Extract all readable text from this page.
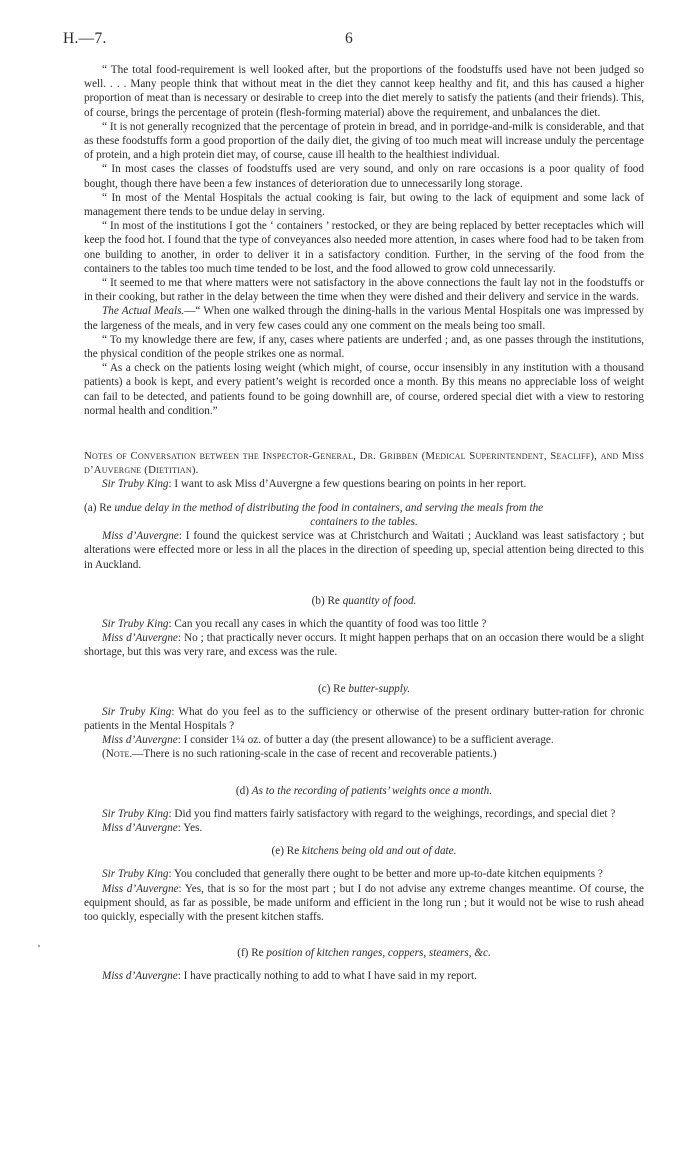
H.—7.	6

“ The total food-requirement is well looked after, but the proportions of the foodstuffs used have not been judged so well. . . . Many people think that without meat in the diet they cannot keep healthy and fit, and this has caused a higher proportion of meat than is necessary or desirable to creep into the diet merely to satisfy the patients (and their friends). This, of course, brings the percentage of protein (flesh-forming material) above the requirement, and unbalances the diet.

“ It is not generally recognized that the percentage of protein in bread, and in porridge-and-milk is considerable, and that as these foodstuffs form a good proportion of the daily diet, the giving of too much meat will increase unduly the percentage of protein, and a high protein diet may, of course, cause ill health to the healthiest individual.

“ In most cases the classes of foodstuffs used are very sound, and only on rare occasions is a poor quality of food bought, though there have been a few instances of deterioration due to unnecessarily long storage.

“ In most of the Mental Hospitals the actual cooking is fair, but owing to the lack of equipment and some lack of management there tends to be undue delay in serving.

“ In most of the institutions I got the ‘ containers ’ restocked, or they are being replaced by better receptacles which will keep the food hot. I found that the type of conveyances also needed more attention, in cases where food had to be taken from one building to another, in order to deliver it in a satisfactory condition. Further, in the serving of the food from the containers to the tables too much time tended to be lost, and the food allowed to grow cold unnecessarily.

“ It seemed to me that where matters were not satisfactory in the above connections the fault lay not in the foodstuffs or in their cooking, but rather in the delay between the time when they were dished and their delivery and service in the wards.

The Actual Meals.—“ When one walked through the dining-halls in the various Mental Hospitals one was impressed by the largeness of the meals, and in very few cases could any one comment on the meals being too small.

“ To my knowledge there are few, if any, cases where patients are underfed ; and, as one passes through the institutions, the physical condition of the people strikes one as normal.

“ As a check on the patients losing weight (which might, of course, occur insensibly in any institution with a thousand patients) a book is kept, and every patient’s weight is recorded once a month. By this means no appreciable loss of weight can fail to be detected, and patients found to be going downhill are, of course, ordered special diet with a view to restoring normal health and condition.”

Notes of Conversation between the Inspector-General, Dr. Gribben (Medical Superintendent, Seacliff), and Miss d’Auvergne (Dietitian).

Sir Truby King: I want to ask Miss d’Auvergne a few questions bearing on points in her report.

(a) Re undue delay in the method of distributing the food in containers, and serving the meals from the
containers to the tables.

Miss d’Auvergne: I found the quickest service was at Christchurch and Waitati ; Auckland was least satisfactory ; but alterations were effected more or less in all the places in the direction of speeding up, special attention being directed to this in Auckland.

(b) Re quantity of food.

Sir Truby King: Can you recall any cases in which the quantity of food was too little ?

Miss d’Auvergne: No ; that practically never occurs. It might happen perhaps that on an occasion there would be a slight shortage, but this was very rare, and excess was the rule.

(c) Re butter-supply.

Sir Truby King: What do you feel as to the sufficiency or otherwise of the present ordinary butter-ration for chronic patients in the Mental Hospitals ?

Miss d’Auvergne: I consider 1¼ oz. of butter a day (the present allowance) to be a sufficient average.

(Note.—There is no such rationing-scale in the case of recent and recoverable patients.)

(d) As to the recording of patients’ weights once a month.

Sir Truby King: Did you find matters fairly satisfactory with regard to the weighings, recordings, and special diet ?

Miss d’Auvergne: Yes.

(e) Re kitchens being old and out of date.

Sir Truby King: You concluded that generally there ought to be better and more up-to-date kitchen equipments ?

Miss d’Auvergne: Yes, that is so for the most part ; but I do not advise any extreme changes meantime. Of course, the equipment should, as far as possible, be made uniform and efficient in the long run ; but it would not be wise to rush ahead too quickly, especially with the present kitchen staffs.

(f) Re position of kitchen ranges, coppers, steamers, &c.

Miss d’Auvergne: I have practically nothing to add to what I have said in my report.
